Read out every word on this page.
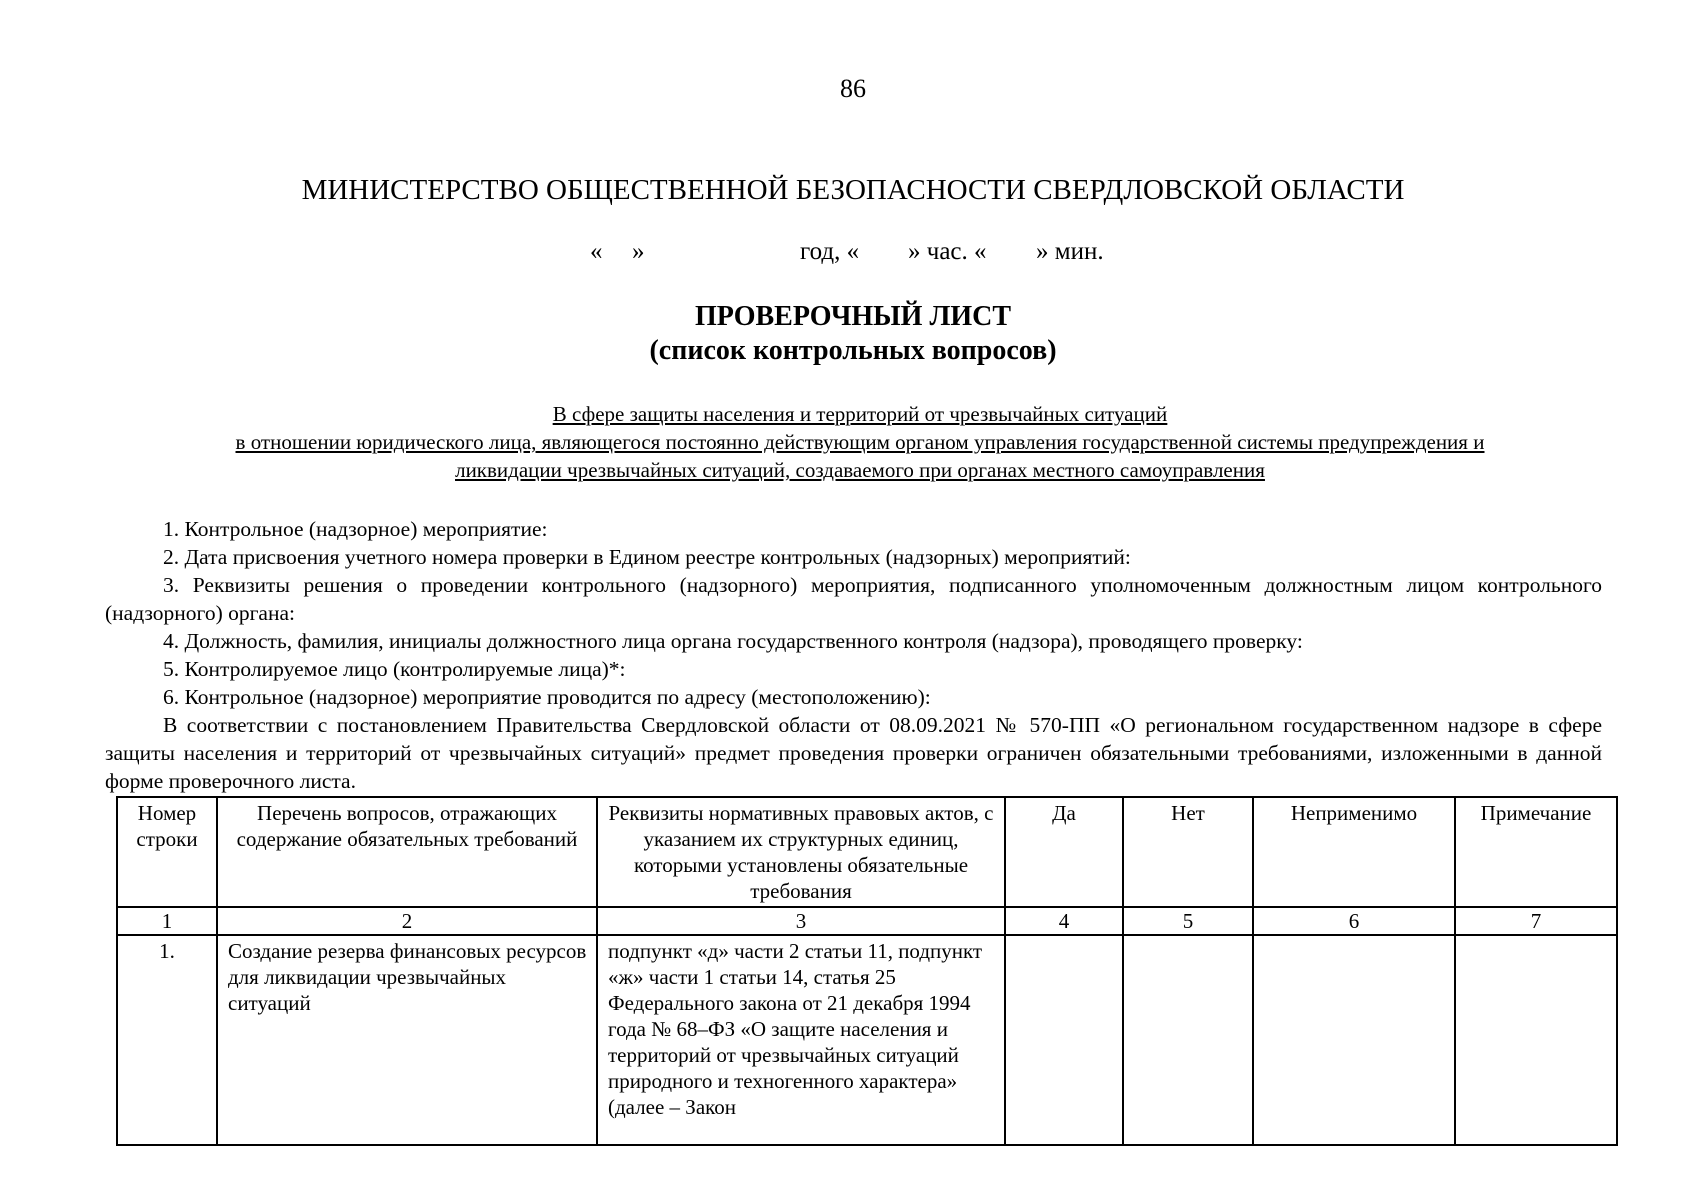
86
МИНИСТЕРСТВО ОБЩЕСТВЕННОЙ БЕЗОПАСНОСТИ СВЕРДЛОВСКОЙ ОБЛАСТИ
« »	год, « » час. « » мин.
ПРОВЕРОЧНЫЙ ЛИСТ
(список контрольных вопросов)
В сфере защиты населения и территорий от чрезвычайных ситуаций
в отношении юридического лица, являющегося постоянно действующим органом управления государственной системы предупреждения и
ликвидации чрезвычайных ситуаций, создаваемого при органах местного самоуправления

1. Контрольное (надзорное) мероприятие:

2. Дата присвоения учетного номера проверки в Едином реестре контрольных (надзорных) мероприятий:

3. Реквизиты решения о проведении контрольного (надзорного) мероприятия, подписанного уполномоченным должностным лицом контрольного (надзорного) органа:

4. Должность, фамилия, инициалы должностного лица органа государственного контроля (надзора), проводящего проверку:

5. Контролируемое лицо (контролируемые лица)*:

6. Контрольное (надзорное) мероприятие проводится по адресу (местоположению):

В соответствии с постановлением Правительства Свердловской области от 08.09.2021 № 570-ПП «О региональном государственном надзоре в сфере защиты населения и территорий от чрезвычайных ситуаций» предмет проведения проверки ограничен обязательными требованиями, изложенными в данной форме проверочного листа.

Номер строки	Перечень вопросов, отражающих содержание обязательных требований	Реквизиты нормативных правовых актов, с указанием их структурных единиц, которыми установлены обязательные требования	Да	Нет	Неприменимо	Примечание
1	2	3	4	5	6	7
1.	Создание резерва финансовых ресурсов для ликвидации чрезвычайных ситуаций	подпункт «д» части 2 статьи 11, подпункт «ж» части 1 статьи 14, статья 25 Федерального закона от 21 декабря 1994 года № 68–ФЗ «О защите населения и территорий от чрезвычайных ситуаций природного и техногенного характера» (далее – Закон				
